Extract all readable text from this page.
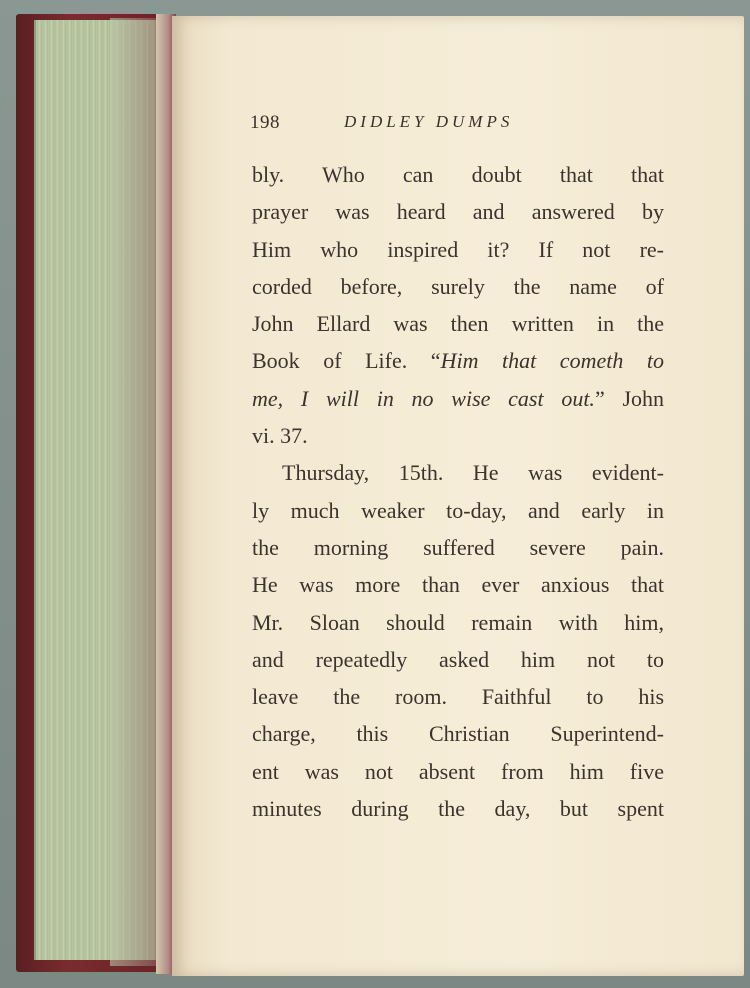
198	DIDLEY DUMPS
bly. Who can doubt that that
prayer was heard and answered by
Him who inspired it? If not re-
corded before, surely the name of
John Ellard was then written in the
Book of Life. “Him that cometh to
me, I will in no wise cast out.” John
vi. 37.
Thursday, 15th. He was evident-
ly much weaker to-day, and early in
the morning suffered severe pain.
He was more than ever anxious that
Mr. Sloan should remain with him,
and repeatedly asked him not to
leave the room. Faithful to his
charge, this Christian Superintend-
ent was not absent from him five
minutes during the day, but spent
